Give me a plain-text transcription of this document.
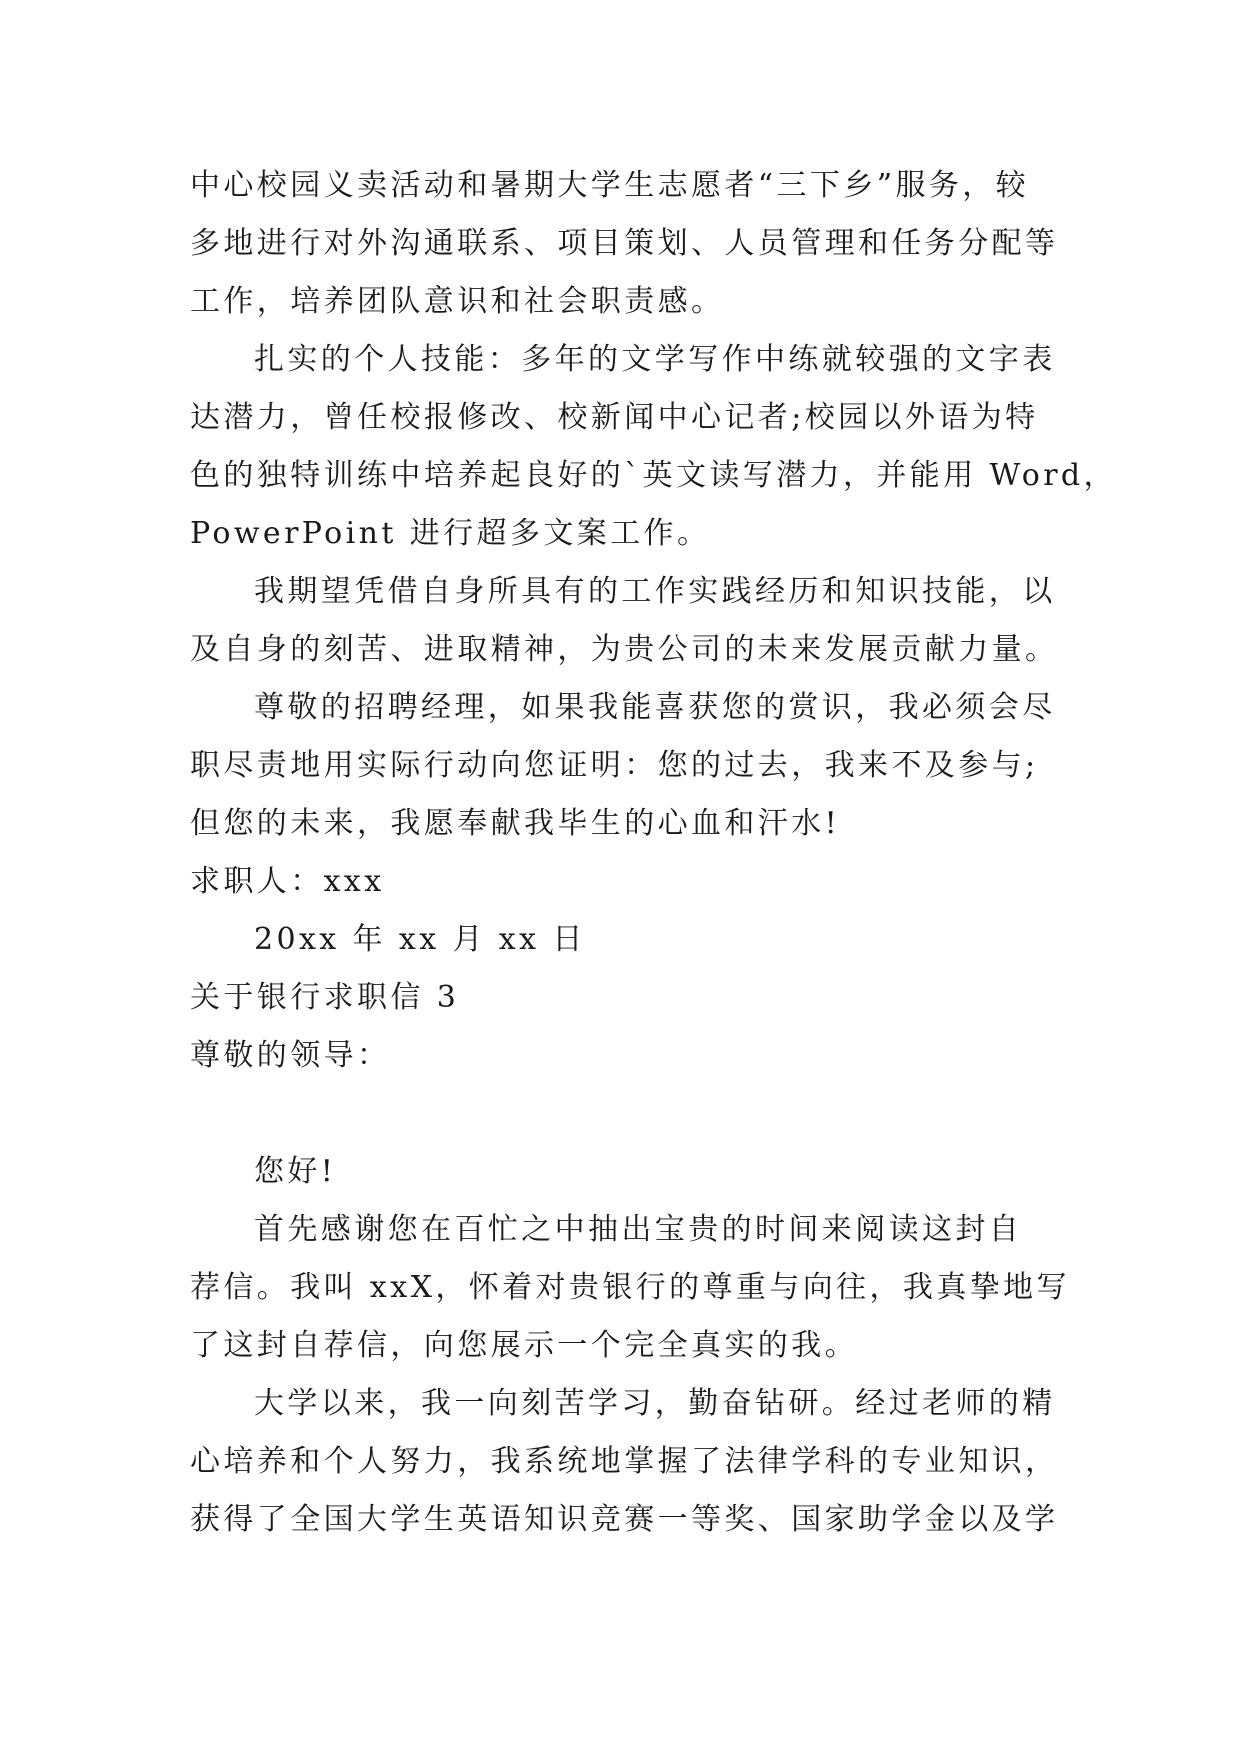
中心校园义卖活动和暑期大学生志愿者“三下乡”服务，较
多地进行对外沟通联系、项目策划、人员管理和任务分配等
工作，培养团队意识和社会职责感。
扎实的个人技能：多年的文学写作中练就较强的文字表
达潜力，曾任校报修改、校新闻中心记者;校园以外语为特
色的独特训练中培养起良好的`英文读写潜力，并能用 Word，
PowerPoint 进行超多文案工作。
我期望凭借自身所具有的工作实践经历和知识技能，以
及自身的刻苦、进取精神，为贵公司的未来发展贡献力量。
尊敬的招聘经理，如果我能喜获您的赏识，我必须会尽
职尽责地用实际行动向您证明：您的过去，我来不及参与;
但您的未来，我愿奉献我毕生的心血和汗水!
求职人：xxx
20xx 年 xx 月 xx 日
关于银行求职信 3
尊敬的领导：
您好!
首先感谢您在百忙之中抽出宝贵的时间来阅读这封自
荐信。我叫 xxX，怀着对贵银行的尊重与向往，我真挚地写
了这封自荐信，向您展示一个完全真实的我。
大学以来，我一向刻苦学习，勤奋钻研。经过老师的精
心培养和个人努力，我系统地掌握了法律学科的专业知识，
获得了全国大学生英语知识竞赛一等奖、国家助学金以及学
